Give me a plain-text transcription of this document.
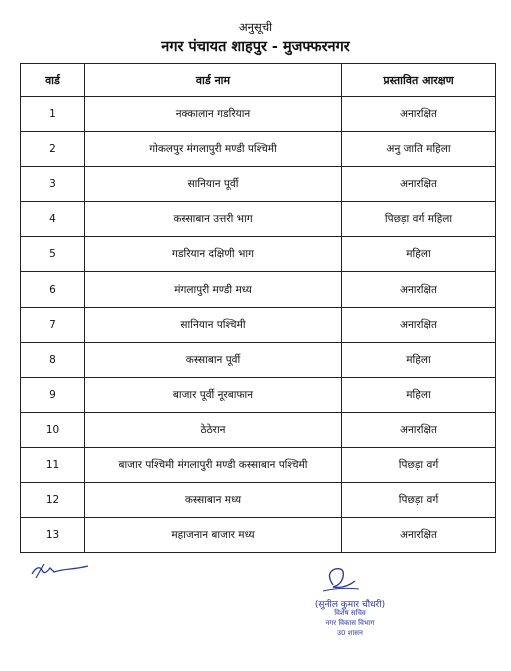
अनुसूची
नगर पंचायत शाहपुर - मुजफ्फरनगर
वार्ड	वार्ड नाम	प्रस्तावित आरक्षण
1	नक्कालान गडरियान	अनारक्षित
2	गोकलपुर मंगलापुरी मण्डी पश्चिमी	अनु जाति महिला
3	सानियान पूर्वी	अनारक्षित
4	कस्साबान उत्तरी भाग	पिछड़ा वर्ग महिला
5	गडरियान दक्षिणी भाग	महिला
6	मंगलापुरी मण्डी मध्य	अनारक्षित
7	सानियान पश्चिमी	अनारक्षित
8	कस्साबान पूर्वी	महिला
9	बाजार पूर्वी नूरबाफान	महिला
10	ठेठेरान	अनारक्षित
11	बाजार पश्चिमी मंगलापुरी मण्डी कस्साबान पश्चिमी	पिछड़ा वर्ग
12	कस्साबान मध्य	पिछड़ा वर्ग
13	महाजनान बाजार मध्य	अनारक्षित
(सुनील कुमार चौधरी)
विशेष सचिव
नगर विकास विभाग
उ0 शासन
